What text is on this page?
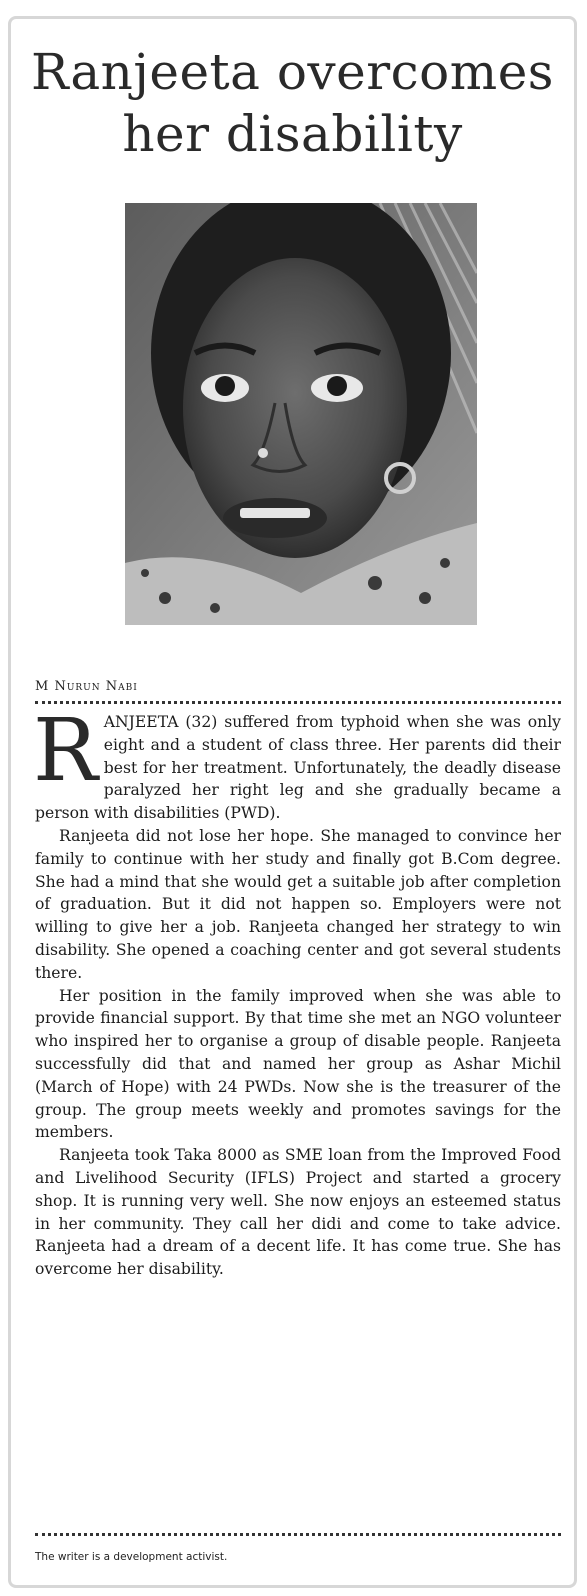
Ranjeeta overcomes
her disability
M Nurun Nabi

RANJEETA (32) suffered from typhoid when she was only eight and a student of class three. Her parents did their best for her treatment. Unfortunately, the deadly disease paralyzed her right leg and she gradually became a person with disabilities (PWD).

Ranjeeta did not lose her hope. She managed to convince her family to continue with her study and finally got B.Com degree. She had a mind that she would get a suitable job after completion of graduation. But it did not happen so. Employers were not willing to give her a job. Ranjeeta changed her strategy to win disability. She opened a coaching center and got several students there.

Her position in the family improved when she was able to provide financial support. By that time she met an NGO volunteer who inspired her to organise a group of disable people. Ranjeeta successfully did that and named her group as Ashar Michil (March of Hope) with 24 PWDs. Now she is the treasurer of the group. The group meets weekly and promotes savings for the members.

Ranjeeta took Taka 8000 as SME loan from the Improved Food and Livelihood Security (IFLS) Project and started a grocery shop. It is running very well. She now enjoys an esteemed status in her community. They call her didi and come to take advice. Ranjeeta had a dream of a decent life. It has come true. She has overcome her disability.

The writer is a development activist.
